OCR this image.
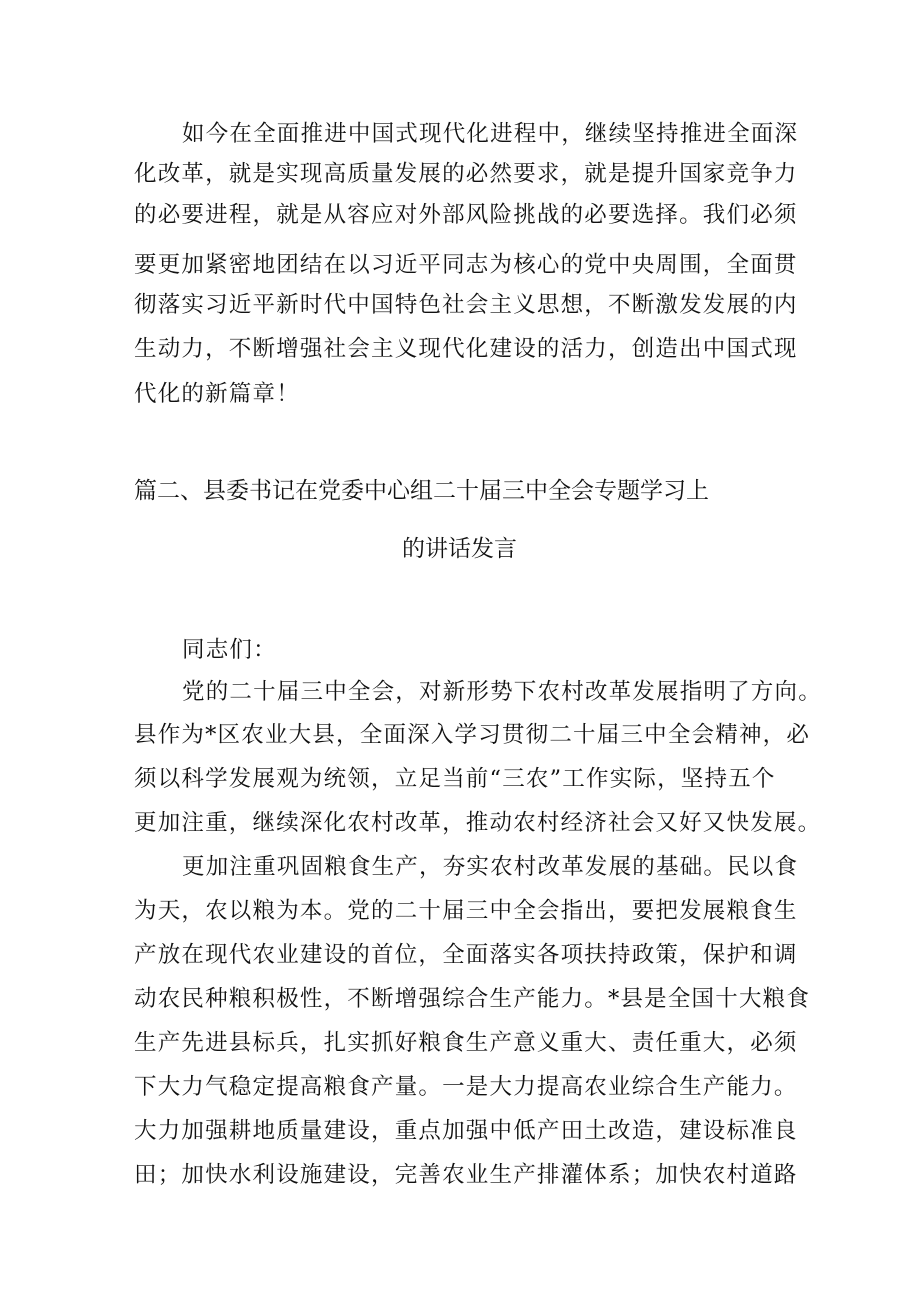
如今在全面推进中国式现代化进程中，继续坚持推进全面深
化改革，就是实现高质量发展的必然要求，就是提升国家竞争力
的必要进程，就是从容应对外部风险挑战的必要选择。我们必须
要更加紧密地团结在以习近平同志为核心的党中央周围，全面贯
彻落实习近平新时代中国特色社会主义思想，不断激发发展的内
生动力，不断增强社会主义现代化建设的活力，创造出中国式现
代化的新篇章！
篇二、县委书记在党委中心组二十届三中全会专题学习上
的讲话发言
同志们：
党的二十届三中全会，对新形势下农村改革发展指明了方向。
县作为*区农业大县，全面深入学习贯彻二十届三中全会精神，必
须以科学发展观为统领，立足当前“三农”工作实际，坚持五个
更加注重，继续深化农村改革，推动农村经济社会又好又快发展。
更加注重巩固粮食生产，夯实农村改革发展的基础。民以食
为天，农以粮为本。党的二十届三中全会指出，要把发展粮食生
产放在现代农业建设的首位，全面落实各项扶持政策，保护和调
动农民种粮积极性，不断增强综合生产能力。*县是全国十大粮食
生产先进县标兵，扎实抓好粮食生产意义重大、责任重大，必须
下大力气稳定提高粮食产量。一是大力提高农业综合生产能力。
大力加强耕地质量建设，重点加强中低产田土改造，建设标准良
田；加快水利设施建设，完善农业生产排灌体系；加快农村道路
